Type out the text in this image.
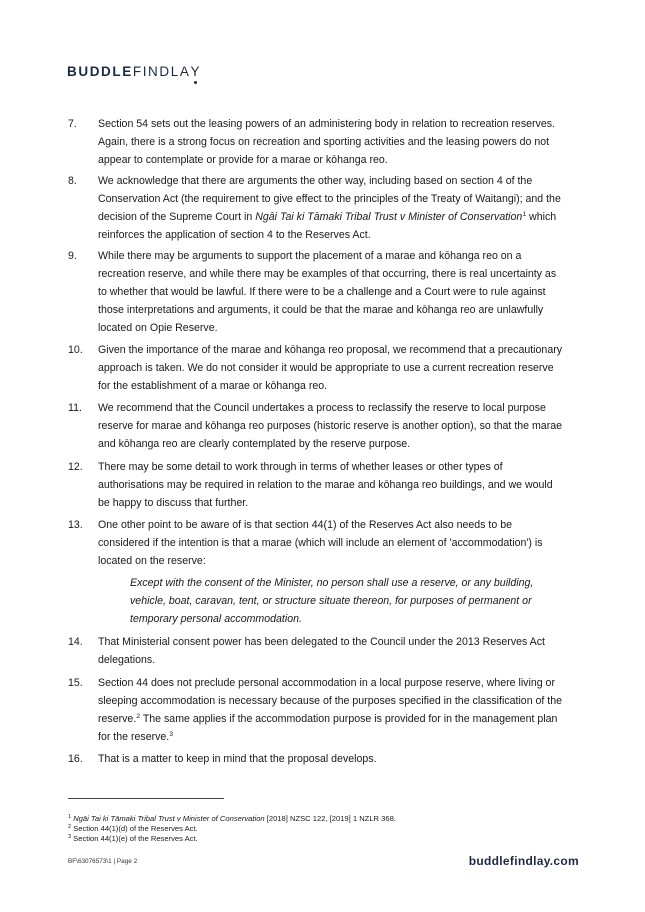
BUDDLEFINDLAY
7. Section 54 sets out the leasing powers of an administering body in relation to recreation reserves.
Again, there is a strong focus on recreation and sporting activities and the leasing powers do not
appear to contemplate or provide for a marae or kōhanga reo.
8. We acknowledge that there are arguments the other way, including based on section 4 of the
Conservation Act (the requirement to give effect to the principles of the Treaty of Waitangi); and the
decision of the Supreme Court in Ngāi Tai ki Tāmaki Tribal Trust v Minister of Conservation$^1$ which
reinforces the application of section 4 to the Reserves Act.
9. While there may be arguments to support the placement of a marae and kōhanga reo on a
recreation reserve, and while there may be examples of that occurring, there is real uncertainty as
to whether that would be lawful. If there were to be a challenge and a Court were to rule against
those interpretations and arguments, it could be that the marae and kōhanga reo are unlawfully
located on Opie Reserve.
10. Given the importance of the marae and kōhanga reo proposal, we recommend that a precautionary
approach is taken. We do not consider it would be appropriate to use a current recreation reserve
for the establishment of a marae or kōhanga reo.
11. We recommend that the Council undertakes a process to reclassify the reserve to local purpose
reserve for marae and kōhanga reo purposes (historic reserve is another option), so that the marae
and kōhanga reo are clearly contemplated by the reserve purpose.
12. There may be some detail to work through in terms of whether leases or other types of
authorisations may be required in relation to the marae and kōhanga reo buildings, and we would
be happy to discuss that further.
13. One other point to be aware of is that section 44(1) of the Reserves Act also needs to be
considered if the intention is that a marae (which will include an element of 'accommodation') is
located on the reserve:
Except with the consent of the Minister, no person shall use a reserve, or any building,
vehicle, boat, caravan, tent, or structure situate thereon, for purposes of permanent or
temporary personal accommodation.
14. That Ministerial consent power has been delegated to the Council under the 2013 Reserves Act
delegations.
15. Section 44 does not preclude personal accommodation in a local purpose reserve, where living or
sleeping accommodation is necessary because of the purposes specified in the classification of the
reserve.$^2$ The same applies if the accommodation purpose is provided for in the management plan
for the reserve.$^3$
16. That is a matter to keep in mind that the proposal develops.
$^1$ Ngāi Tai ki Tāmaki Tribal Trust v Minister of Conservation [2018] NZSC 122, [2019] 1 NZLR 368.
$^2$ Section 44(1)(d) of the Reserves Act.
$^3$ Section 44(1)(e) of the Reserves Act.
BF\63076573\1 | Page 2	buddlefindlay.com
